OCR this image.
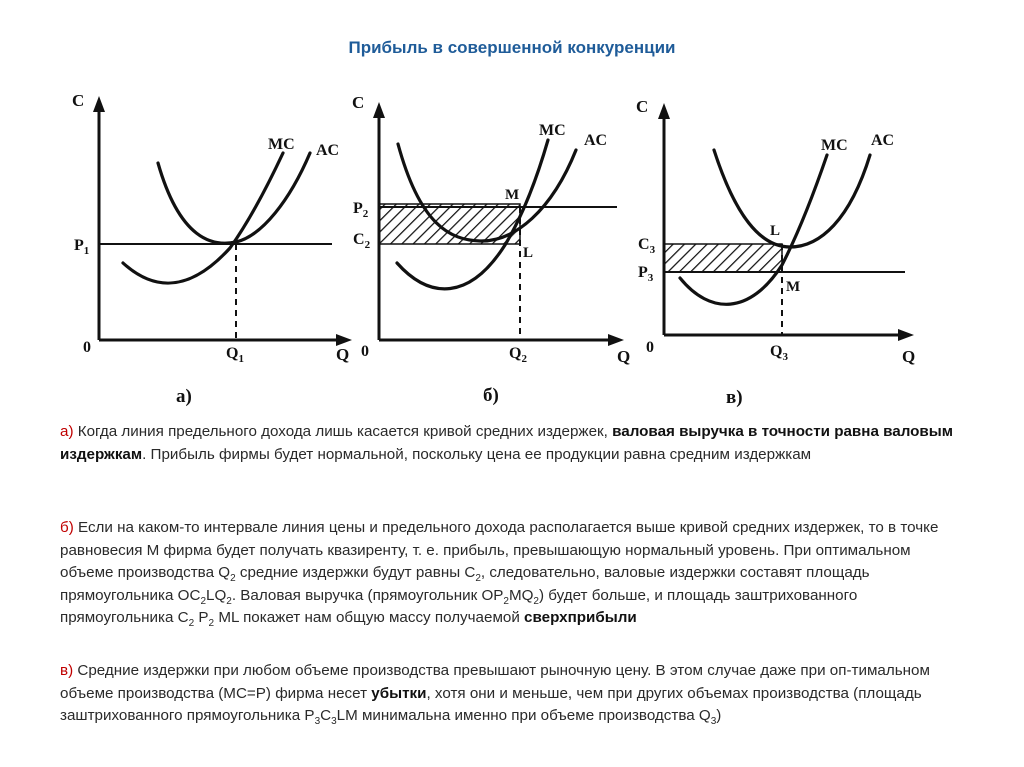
Прибыль в совершенной конкуренции
C
0	Q
MC AC
$P_1$
$Q_1$
а)
C
0	Q
MC
AC
$P_2$
$C_2$
M
L
$Q_2$
б)
C
0	Q
MC AC
$C_3$
$P_3$
L
M
$Q_3$
в)
а) Когда линия предельного дохода лишь касается кривой средних издержек, валовая выручка в точности равна валовым издержкам. Прибыль фирмы будет нормальной, поскольку цена ее продукции равна средним издержкам
б) Если на каком-то интервале линия цены и предельного дохода располагается выше кривой средних издержек, то в точке равновесия М фирма будет получать квазиренту, т. е. прибыль, превышающую нормальный уровень. При оптимальном объеме производства $Q_2$ средние издержки будут равны $С_2$, следовательно, валовые издержки составят площадь прямоугольника $ОС_2LQ_2$. Валовая выручка (прямоугольник $ОР_2МQ_2$) будет больше, и площадь заштрихованного прямоугольника $С_2$ $Р_2$ МL покажет нам общую массу получаемой сверхприбыли
в) Средние издержки при любом объеме производства превышают рыночную цену. В этом случае даже при оп-тимальном объеме производства (МС=Р) фирма несет убытки, хотя они и меньше, чем при других объемах производства (площадь заштрихованного прямоугольника $Р_3С_3LМ$ минимальна именно при объеме производства $Q_3$)
